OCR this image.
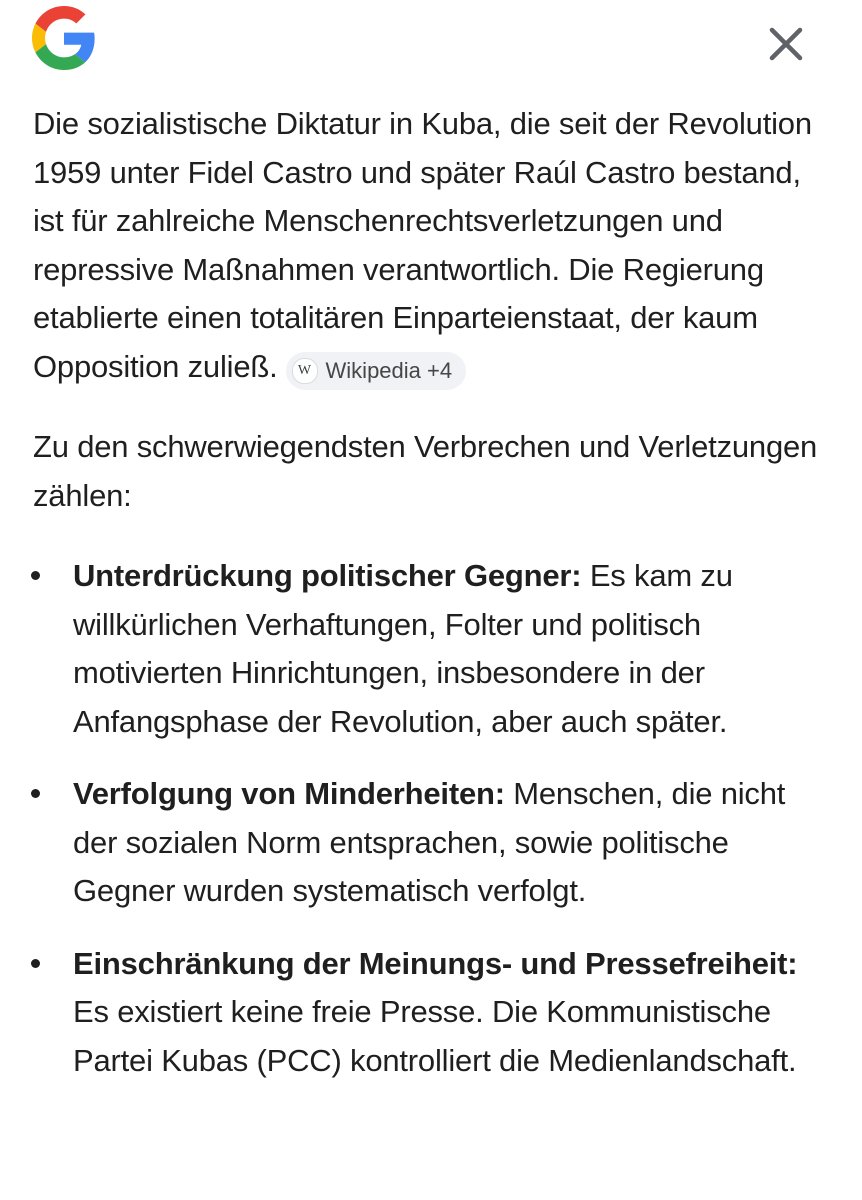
Die sozialistische Diktatur in Kuba, die seit der Revolution 1959 unter Fidel Castro und später Raúl Castro bestand, ist für zahlreiche Menschenrechtsverletzungen und repressive Maßnahmen verantwortlich. Die Regierung etablierte einen totalitären Einparteienstaat, der kaum Opposition zuließ.	W Wikipedia +4

Zu den schwerwiegendsten Verbrechen und Verletzungen zählen:

Unterdrückung politischer Gegner: Es kam zu willkürlichen Verhaftungen, Folter und politisch motivierten Hinrichtungen, insbesondere in der Anfangsphase der Revolution, aber auch später.
Verfolgung von Minderheiten: Menschen, die nicht der sozialen Norm entsprachen, sowie politische Gegner wurden systematisch verfolgt.
Einschränkung der Meinungs- und Pressefreiheit: Es existiert keine freie Presse. Die Kommunistische Partei Kubas (PCC) kontrolliert die Medienlandschaft.
